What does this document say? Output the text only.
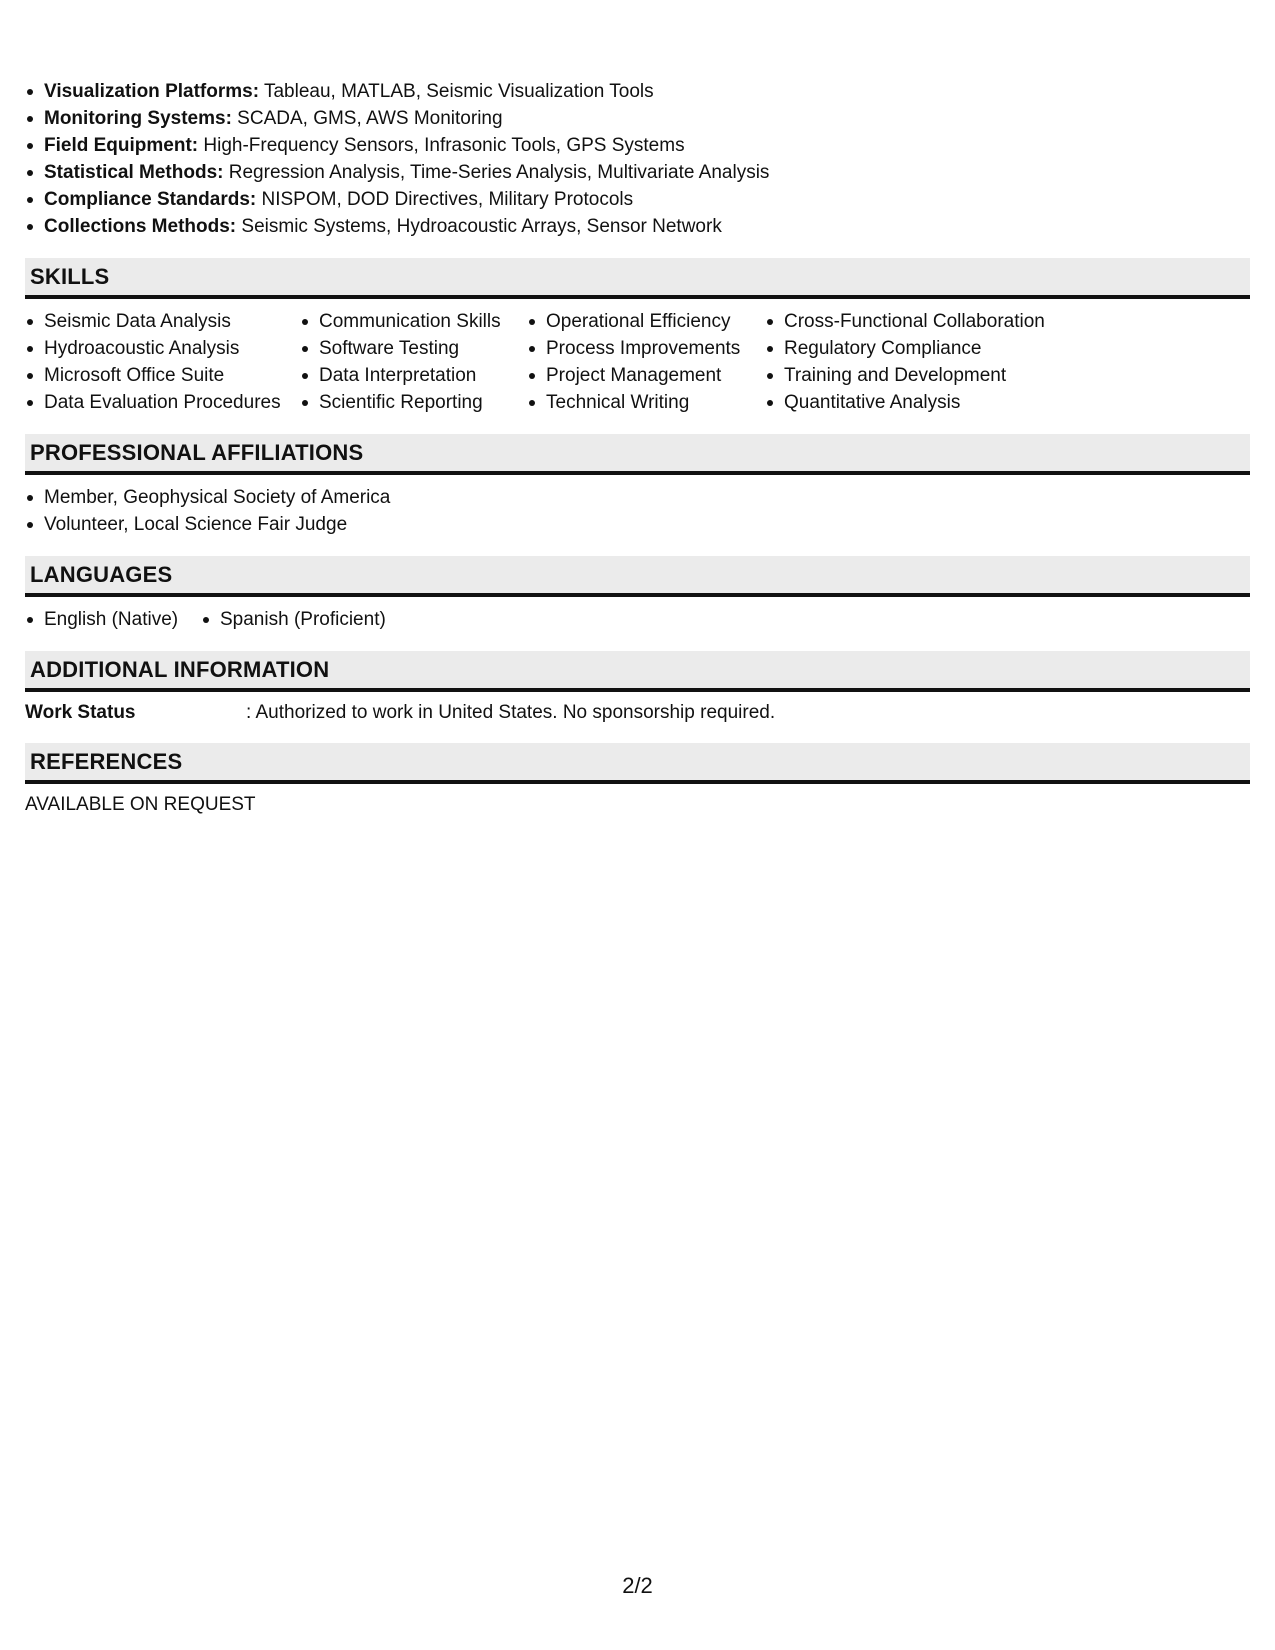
Visualization Platforms: Tableau, MATLAB, Seismic Visualization Tools
Monitoring Systems: SCADA, GMS, AWS Monitoring
Field Equipment: High-Frequency Sensors, Infrasonic Tools, GPS Systems
Statistical Methods: Regression Analysis, Time-Series Analysis, Multivariate Analysis
Compliance Standards: NISPOM, DOD Directives, Military Protocols
Collections Methods: Seismic Systems, Hydroacoustic Arrays, Sensor Network
SKILLS
Seismic Data Analysis
Hydroacoustic Analysis
Microsoft Office Suite
Data Evaluation Procedures
Communication Skills
Software Testing
Data Interpretation
Scientific Reporting
Operational Efficiency
Process Improvements
Project Management
Technical Writing
Cross-Functional Collaboration
Regulatory Compliance
Training and Development
Quantitative Analysis
PROFESSIONAL AFFILIATIONS
Member, Geophysical Society of America
Volunteer, Local Science Fair Judge
LANGUAGES
English (Native)	Spanish (Proficient)
ADDITIONAL INFORMATION
Work Status	: Authorized to work in United States. No sponsorship required.
REFERENCES
AVAILABLE ON REQUEST
2/2
